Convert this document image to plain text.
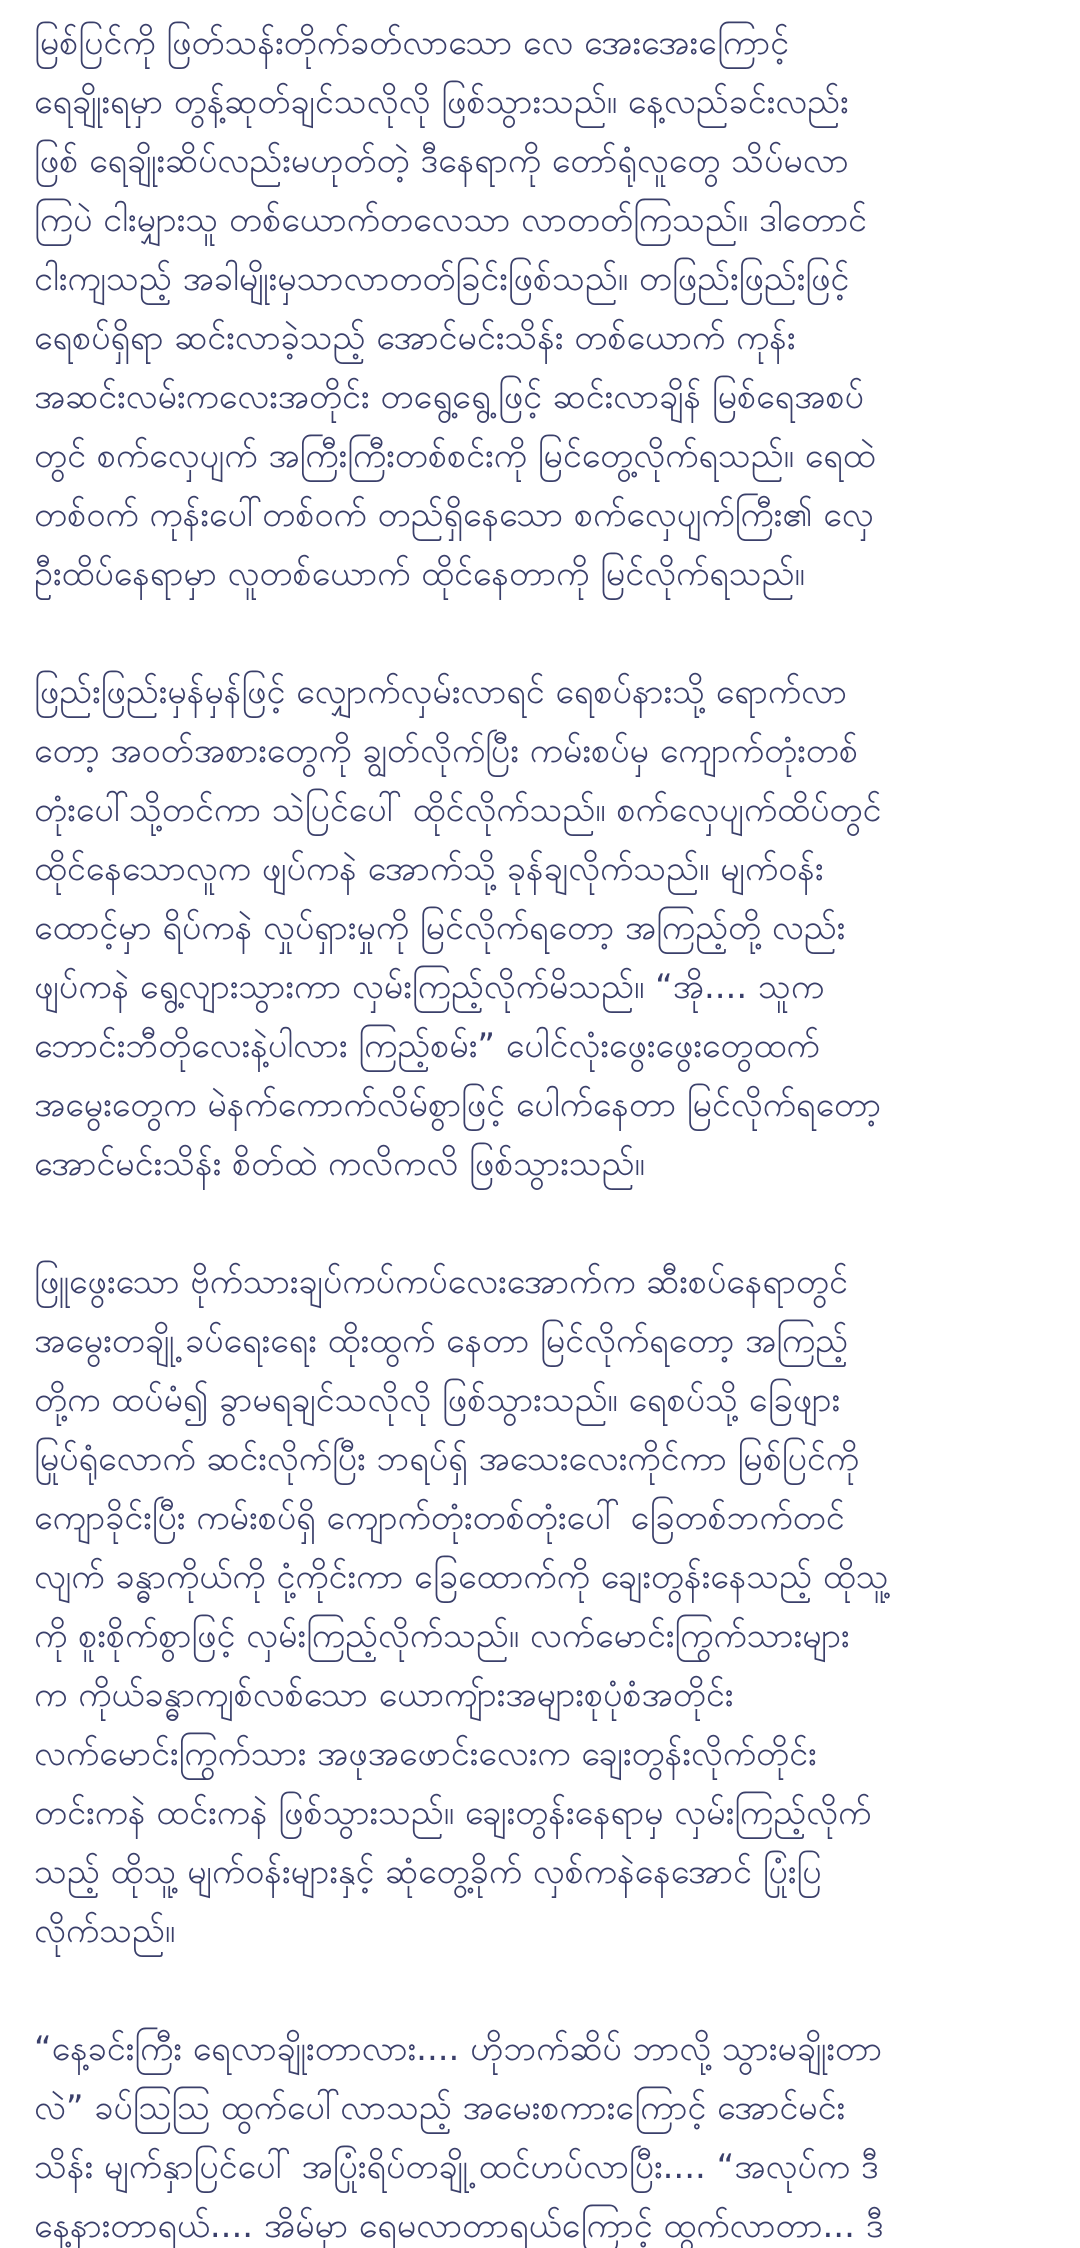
မြစ်ပြင်ကို ဖြတ်သန်းတိုက်ခတ်လာသော လေ အေးအေးကြောင့်
ရေချိုးရမှာ တွန့်ဆုတ်ချင်သလိုလို ဖြစ်သွားသည်။ နေ့လည်ခင်းလည်း
ဖြစ် ရေချိုးဆိပ်လည်းမဟုတ်တဲ့ ဒီနေရာကို တော်ရုံလူတွေ သိပ်မလာ
ကြပဲ ငါးမျှားသူ တစ်ယောက်တလေသာ လာတတ်ကြသည်။ ဒါတောင်
ငါးကျသည့် အခါမျိုးမှသာလာတတ်ခြင်းဖြစ်သည်။ တဖြည်းဖြည်းဖြင့်
ရေစပ်ရှိရာ ဆင်းလာခဲ့သည့် အောင်မင်းသိန်း တစ်ယောက် ကုန်း
အဆင်းလမ်းကလေးအတိုင်း တရွေ့ရွေ့ဖြင့် ဆင်းလာချိန် မြစ်ရေအစပ်
တွင် စက်လှေပျက် အကြီးကြီးတစ်စင်းကို မြင်တွေ့လိုက်ရသည်။ ရေထဲ
တစ်ဝက် ကုန်းပေါ်တစ်ဝက် တည်ရှိနေသော စက်လှေပျက်ကြီး၏ လှေ
ဦးထိပ်နေရာမှာ လူတစ်ယောက် ထိုင်နေတာကို မြင်လိုက်ရသည်။

ဖြည်းဖြည်းမှန်မှန်ဖြင့် လျှောက်လှမ်းလာရင် ရေစပ်နားသို့ ရောက်လာ
တော့ အဝတ်အစားတွေကို ချွတ်လိုက်ပြီး ကမ်းစပ်မှ ကျောက်တုံးတစ်
တုံးပေါ်သို့တင်ကာ သဲပြင်ပေါ် ထိုင်လိုက်သည်။ စက်လှေပျက်ထိပ်တွင်
ထိုင်နေသောလူက ဖျပ်ကနဲ အောက်သို့ ခုန်ချလိုက်သည်။ မျက်ဝန်း
ထောင့်မှာ ရိပ်ကနဲ လှုပ်ရှားမှုကို မြင်လိုက်ရတော့ အကြည့်တို့ လည်း
ဖျပ်ကနဲ ရွေ့လျားသွားကာ လှမ်းကြည့်လိုက်မိသည်။ “အို.... သူက
ဘောင်းဘီတိုလေးနဲ့ပါလား ကြည့်စမ်း” ပေါင်လုံးဖွေးဖွေးတွေထက်
အမွေးတွေက မဲနက်ကောက်လိမ်စွာဖြင့် ပေါက်နေတာ မြင်လိုက်ရတော့
အောင်မင်းသိန်း စိတ်ထဲ ကလိကလိ ဖြစ်သွားသည်။

ဖြူဖွေးသော ဗိုက်သားချပ်ကပ်ကပ်လေးအောက်က ဆီးစပ်နေရာတွင်
အမွေးတချို့ ခပ်ရေးရေး ထိုးထွက် နေတာ မြင်လိုက်ရတော့ အကြည့်
တို့က ထပ်မံ၍ ခွာမရချင်သလိုလို ဖြစ်သွားသည်။ ရေစပ်သို့ ခြေဖျား
မြုပ်ရုံလောက် ဆင်းလိုက်ပြီး ဘရပ်ရှ် အသေးလေးကိုင်ကာ မြစ်ပြင်ကို
ကျောခိုင်းပြီး ကမ်းစပ်ရှိ ကျောက်တုံးတစ်တုံးပေါ် ခြေတစ်ဘက်တင်
လျက် ခန္ဓာကိုယ်ကို ငုံ့ကိုင်းကာ ခြေထောက်ကို ချေးတွန်းနေသည့် ထိုသူ့
ကို စူးစိုက်စွာဖြင့် လှမ်းကြည့်လိုက်သည်။ လက်မောင်းကြွက်သားများ
က ကိုယ်ခန္ဓာကျစ်လစ်သော ယောကျ်ားအများစုပုံစံအတိုင်း
လက်မောင်းကြွက်သား အဖုအဖောင်းလေးက ချေးတွန်းလိုက်တိုင်း
တင်းကနဲ ထင်းကနဲ ဖြစ်သွားသည်။ ချေးတွန်းနေရာမှ လှမ်းကြည့်လိုက်
သည့် ထိုသူ့ မျက်ဝန်းများနှင့် ဆုံတွေ့ခိုက် လှစ်ကနဲနေအောင် ပြုံးပြ
လိုက်သည်။

“နေ့ခင်းကြီး ရေလာချိုးတာလား.... ဟိုဘက်ဆိပ် ဘာလို့ သွားမချိုးတာ
လဲ” ခပ်သြသြ ထွက်ပေါ်လာသည့် အမေးစကားကြောင့် အောင်မင်း
သိန်း မျက်နှာပြင်ပေါ် အပြုံးရိပ်တချို့ ထင်ဟပ်လာပြီး.... “အလုပ်က ဒီ
နေ့နားတာရယ်.... အိမ်မှာ ရေမလာတာရယ်ကြောင့် ထွက်လာတာ... ဒီ
